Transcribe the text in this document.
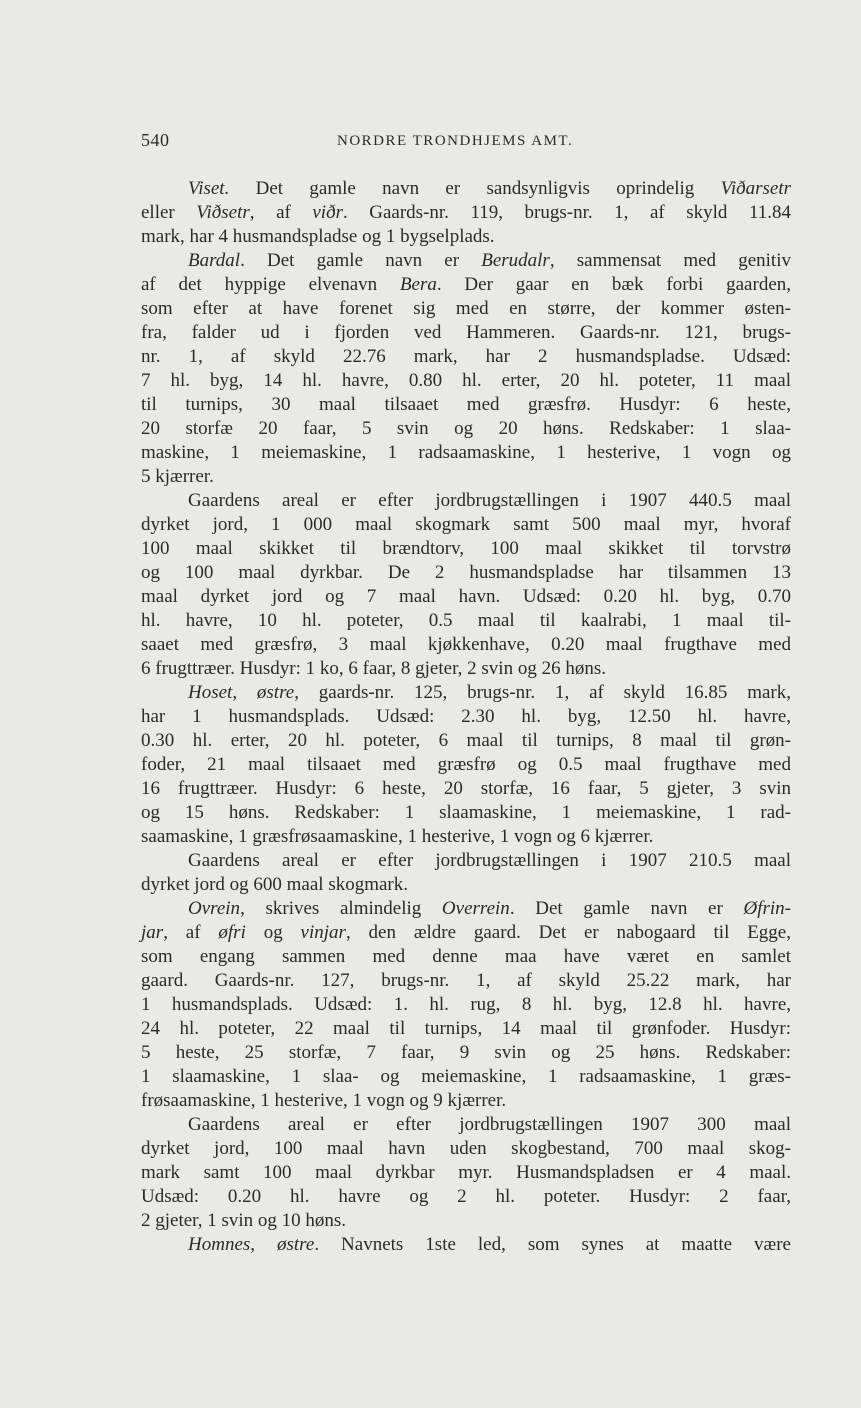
540	NORDRE TRONDHJEMS AMT.
Viset. Det gamle navn er sandsynligvis oprindelig Viðarsetr
eller Viðsetr, af viðr. Gaards-nr. 119, brugs-nr. 1, af skyld 11.84
mark, har 4 husmandspladse og 1 bygselplads.
Bardal. Det gamle navn er Berudalr, sammensat med genitiv
af det hyppige elvenavn Bera. Der gaar en bæk forbi gaarden,
som efter at have forenet sig med en større, der kommer østen-
fra, falder ud i fjorden ved Hammeren. Gaards-nr. 121, brugs-
nr. 1, af skyld 22.76 mark, har 2 husmandspladse. Udsæd:
7 hl. byg, 14 hl. havre, 0.80 hl. erter, 20 hl. poteter, 11 maal
til turnips, 30 maal tilsaaet med græsfrø. Husdyr: 6 heste,
20 storfæ 20 faar, 5 svin og 20 høns. Redskaber: 1 slaa-
maskine, 1 meiemaskine, 1 radsaamaskine, 1 hesterive, 1 vogn og
5 kjærrer.
Gaardens areal er efter jordbrugstællingen i 1907 440.5 maal
dyrket jord, 1 000 maal skogmark samt 500 maal myr, hvoraf
100 maal skikket til brændtorv, 100 maal skikket til torvstrø
og 100 maal dyrkbar. De 2 husmandspladse har tilsammen 13
maal dyrket jord og 7 maal havn. Udsæd: 0.20 hl. byg, 0.70
hl. havre, 10 hl. poteter, 0.5 maal til kaalrabi, 1 maal til-
saaet med græsfrø, 3 maal kjøkkenhave, 0.20 maal frugthave med
6 frugttræer. Husdyr: 1 ko, 6 faar, 8 gjeter, 2 svin og 26 høns.
Hoset, østre, gaards-nr. 125, brugs-nr. 1, af skyld 16.85 mark,
har 1 husmandsplads. Udsæd: 2.30 hl. byg, 12.50 hl. havre,
0.30 hl. erter, 20 hl. poteter, 6 maal til turnips, 8 maal til grøn-
foder, 21 maal tilsaaet med græsfrø og 0.5 maal frugthave med
16 frugttræer. Husdyr: 6 heste, 20 storfæ, 16 faar, 5 gjeter, 3 svin
og 15 høns. Redskaber: 1 slaamaskine, 1 meiemaskine, 1 rad-
saamaskine, 1 græsfrøsaamaskine, 1 hesterive, 1 vogn og 6 kjærrer.
Gaardens areal er efter jordbrugstællingen i 1907 210.5 maal
dyrket jord og 600 maal skogmark.
Ovrein, skrives almindelig Overrein. Det gamle navn er Øfrin-
jar, af øfri og vinjar, den ældre gaard. Det er nabogaard til Egge,
som engang sammen med denne maa have været en samlet
gaard. Gaards-nr. 127, brugs-nr. 1, af skyld 25.22 mark, har
1 husmandsplads. Udsæd: 1. hl. rug, 8 hl. byg, 12.8 hl. havre,
24 hl. poteter, 22 maal til turnips, 14 maal til grønfoder. Husdyr:
5 heste, 25 storfæ, 7 faar, 9 svin og 25 høns. Redskaber:
1 slaamaskine, 1 slaa- og meiemaskine, 1 radsaamaskine, 1 græs-
frøsaamaskine, 1 hesterive, 1 vogn og 9 kjærrer.
Gaardens areal er efter jordbrugstællingen 1907 300 maal
dyrket jord, 100 maal havn uden skogbestand, 700 maal skog-
mark samt 100 maal dyrkbar myr. Husmandspladsen er 4 maal.
Udsæd: 0.20 hl. havre og 2 hl. poteter. Husdyr: 2 faar,
2 gjeter, 1 svin og 10 høns.
Homnes, østre. Navnets 1ste led, som synes at maatte være
